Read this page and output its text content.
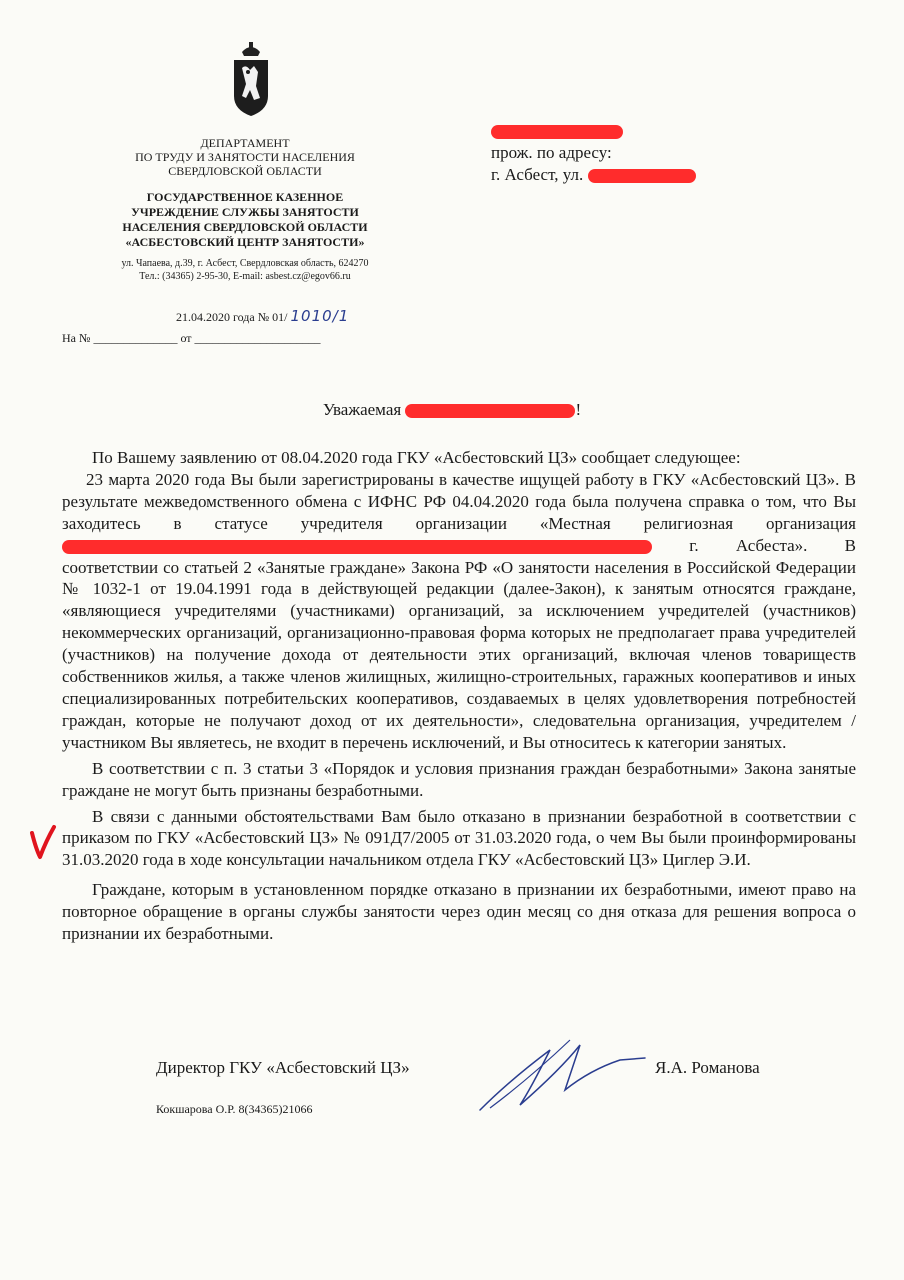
ДЕПАРТАМЕНТ
ПО ТРУДУ И ЗАНЯТОСТИ НАСЕЛЕНИЯ
СВЕРДЛОВСКОЙ ОБЛАСТИ
ГОСУДАРСТВЕННОЕ КАЗЕННОЕ
УЧРЕЖДЕНИЕ СЛУЖБЫ ЗАНЯТОСТИ
НАСЕЛЕНИЯ СВЕРДЛОВСКОЙ ОБЛАСТИ
«АСБЕСТОВСКИЙ ЦЕНТР ЗАНЯТОСТИ»
ул. Чапаева, д.39, г. Асбест, Свердловская область, 624270
Тел.: (34365) 2-95-30, E-mail: asbest.cz@egov66.ru
21.04.2020 года № 01/ 1010/1
На № ______________ от _____________________
прож. по адресу:
г. Асбест, ул.
Уважаемая	!

По Вашему заявлению от 08.04.2020 года ГКУ «Асбестовский ЦЗ» сообщает следующее:

23 марта 2020 года Вы были зарегистрированы в качестве ищущей работу в ГКУ «Асбестовский ЦЗ». В результате межведомственного обмена с ИФНС РФ 04.04.2020 года была получена справка о том, что Вы заходитесь в статусе учредителя организации «Местная религиозная организация  г. Асбеста». В соответствии со статьей 2 «Занятые граждане» Закона РФ «О занятости населения в Российской Федерации № 1032-1 от 19.04.1991 года в действующей редакции (далее-Закон), к занятым относятся граждане, «являющиеся учредителями (участниками) организаций, за исключением учредителей (участников) некоммерческих организаций, организационно-правовая форма которых не предполагает права учредителей (участников) на получение дохода от деятельности этих организаций, включая членов товариществ собственников жилья, а также членов жилищных, жилищно-строительных, гаражных кооперативов и иных специализированных потребительских кооперативов, создаваемых в целях удовлетворения потребностей граждан, которые не получают доход от их деятельности», следовательна организация, учредителем /участником Вы являетесь, не входит в перечень исключений, и Вы относитесь к категории занятых.

В соответствии с п. 3 статьи 3 «Порядок и условия признания граждан безработными» Закона занятые граждане не могут быть признаны безработными.

В связи с данными обстоятельствами Вам было отказано в признании безработной в соответствии с приказом по ГКУ «Асбестовский ЦЗ» № 091Д7/2005 от 31.03.2020 года, о чем Вы были проинформированы 31.03.2020 года в ходе консультации начальником отдела ГКУ «Асбестовский ЦЗ» Циглер Э.И.

Граждане, которым в установленном порядке отказано в признании их безработными, имеют право на повторное обращение в органы службы занятости через один месяц со дня отказа для решения вопроса о признании их безработными.

Директор ГКУ «Асбестовский ЦЗ»	Я.А. Романова
Кокшарова О.Р. 8(34365)21066
